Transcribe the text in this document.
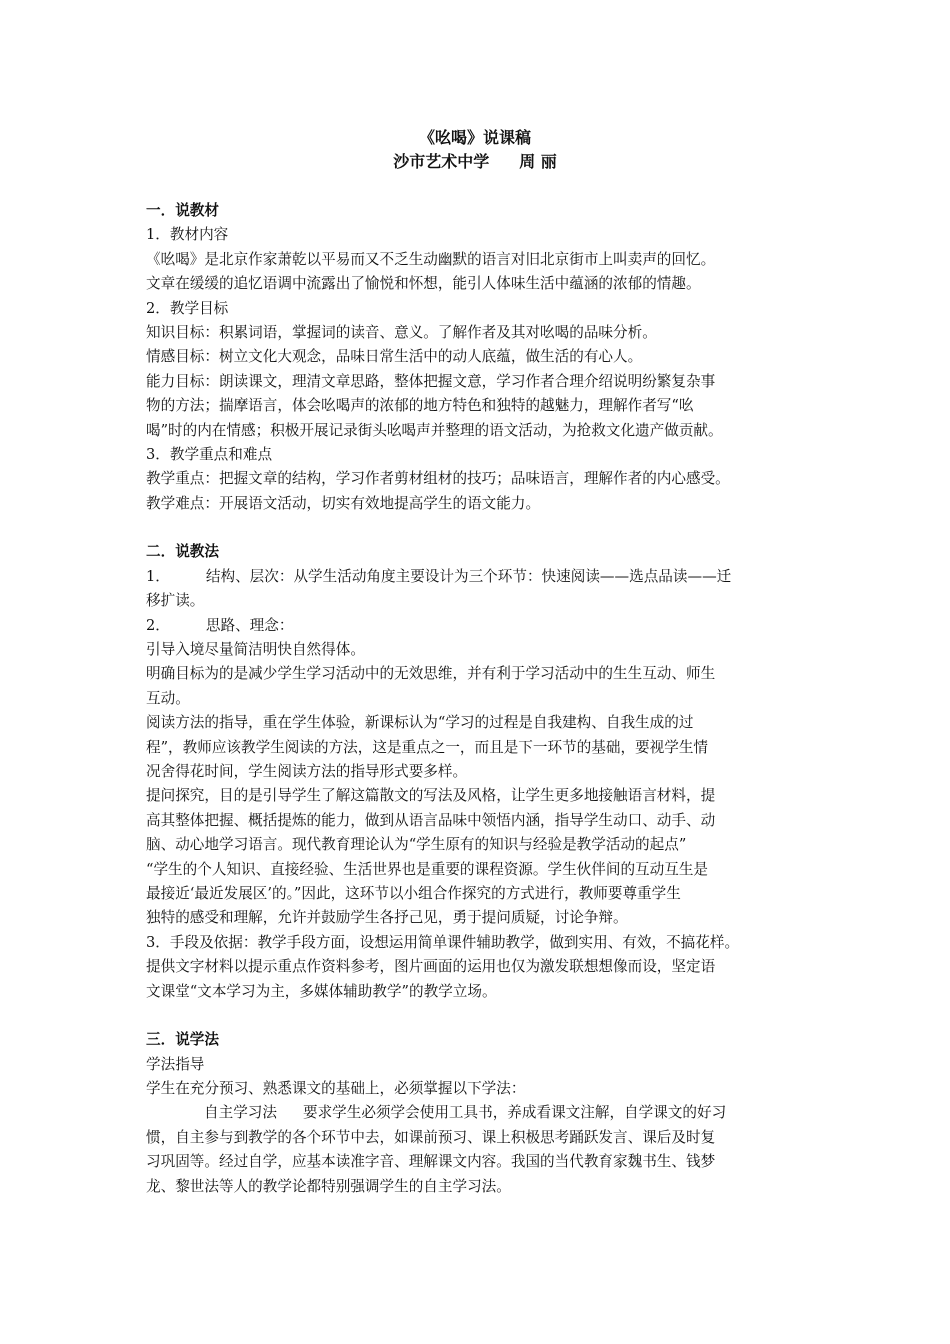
《吆喝》说课稿
沙市艺术中学 周 丽
一．说教材
1．教材内容
《吆喝》是北京作家萧乾以平易而又不乏生动幽默的语言对旧北京街市上叫卖声的回忆。
文章在缓缓的追忆语调中流露出了愉悦和怀想，能引人体味生活中蕴涵的浓郁的情趣。
2．教学目标
知识目标：积累词语，掌握词的读音、意义。了解作者及其对吆喝的品味分析。
情感目标：树立文化大观念，品味日常生活中的动人底蕴，做生活的有心人。
能力目标：朗读课文，理清文章思路，整体把握文意，学习作者合理介绍说明纷繁复杂事
物的方法；揣摩语言，体会吆喝声的浓郁的地方特色和独特的越魅力，理解作者写“吆
喝”时的内在情感；积极开展记录街头吆喝声并整理的语文活动，为抢救文化遗产做贡献。
3．教学重点和难点
教学重点：把握文章的结构，学习作者剪材组材的技巧；品味语言，理解作者的内心感受。
教学难点：开展语文活动，切实有效地提高学生的语文能力。
二．说教法
1． 结构、层次：从学生活动角度主要设计为三个环节：快速阅读——选点品读——迁
移扩读。
2． 思路、理念：
引导入境尽量简洁明快自然得体。
明确目标为的是减少学生学习活动中的无效思维，并有利于学习活动中的生生互动、师生
互动。
阅读方法的指导，重在学生体验，新课标认为“学习的过程是自我建构、自我生成的过
程”，教师应该教学生阅读的方法，这是重点之一，而且是下一环节的基础，要视学生情
况舍得花时间，学生阅读方法的指导形式要多样。
提问探究，目的是引导学生了解这篇散文的写法及风格，让学生更多地接触语言材料，提
高其整体把握、概括提炼的能力，做到从语言品味中领悟内涵，指导学生动口、动手、动
脑、动心地学习语言。现代教育理论认为“学生原有的知识与经验是教学活动的起点”
“学生的个人知识、直接经验、生活世界也是重要的课程资源。学生伙伴间的互动互生是
最接近‘最近发展区’的。”因此，这环节以小组合作探究的方式进行，教师要尊重学生
独特的感受和理解，允许并鼓励学生各抒己见，勇于提问质疑，讨论争辩。
3．手段及依据：教学手段方面，设想运用简单课件辅助教学，做到实用、有效，不搞花样。
提供文字材料以提示重点作资料参考，图片画面的运用也仅为激发联想想像而设，坚定语
文课堂“文本学习为主，多媒体辅助教学”的教学立场。
三．说学法
学法指导
学生在充分预习、熟悉课文的基础上，必须掌握以下学法：
自主学习法 要求学生必须学会使用工具书，养成看课文注解，自学课文的好习
惯，自主参与到教学的各个环节中去，如课前预习、课上积极思考踊跃发言、课后及时复
习巩固等。经过自学，应基本读准字音、理解课文内容。我国的当代教育家魏书生、钱梦
龙、黎世法等人的教学论都特别强调学生的自主学习法。
